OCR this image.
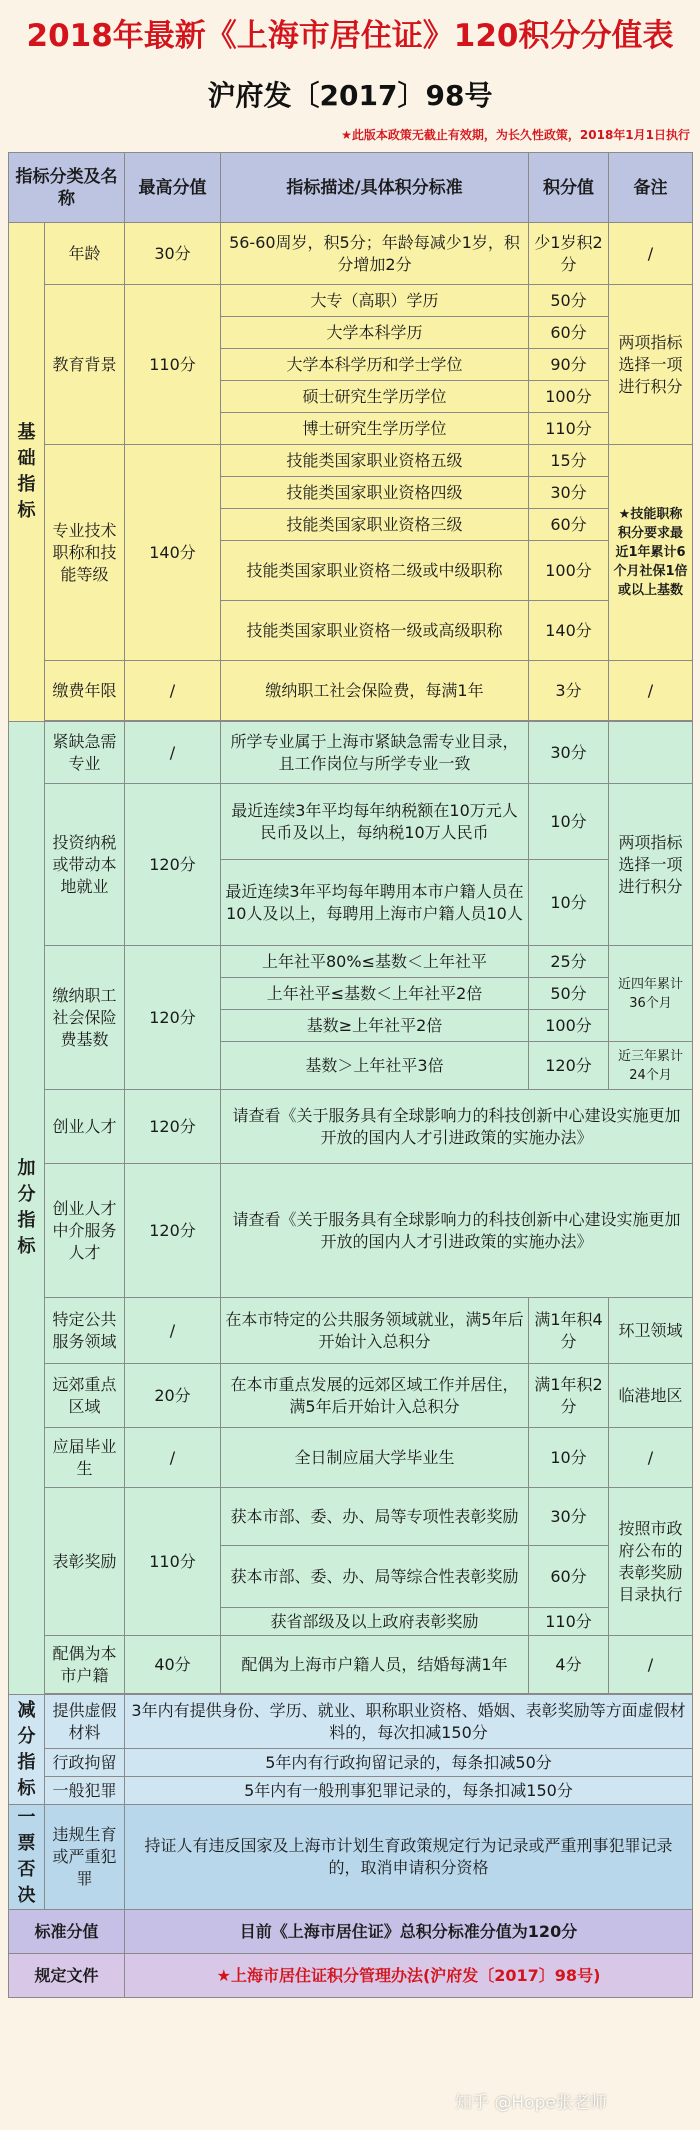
2018年最新《上海市居住证》120积分分值表
沪府发〔2017〕98号
★此版本政策无截止有效期，为长久性政策，2018年1月1日执行
指标分类及名称		最高分值	指标描述/具体积分标准	积分值	备注
基础指标	年龄	30分	56-60周岁，积5分；年龄每减少1岁，积分增加2分	少1岁积2分	/
	教育背景	110分	大专（高职）学历	50分	两项指标选择一项进行积分
			大学本科学历	60分	
			大学本科学历和学士学位	90分	
			硕士研究生学历学位	100分	
			博士研究生学历学位	110分	
	专业技术职称和技能等级	140分	技能类国家职业资格五级	15分	★技能职称积分要求最近1年累计6个月社保1倍或以上基数
			技能类国家职业资格四级	30分	
			技能类国家职业资格三级	60分	
			技能类国家职业资格二级或中级职称	100分	
			技能类国家职业资格一级或高级职称	140分	
	缴费年限	/	缴纳职工社会保险费，每满1年	3分	/

加分指标	紧缺急需专业	/	所学专业属于上海市紧缺急需专业目录，且工作岗位与所学专业一致	30分	
	投资纳税或带动本地就业	120分	最近连续3年平均每年纳税额在10万元人民币及以上，每纳税10万人民币	10分	两项指标选择一项进行积分
			最近连续3年平均每年聘用本市户籍人员在10人及以上，每聘用上海市户籍人员10人	10分	
	缴纳职工社会保险费基数	120分	上年社平80%≤基数＜上年社平	25分	近四年累计36个月
			上年社平≤基数＜上年社平2倍	50分	
			基数≥上年社平2倍	100分	
			基数＞上年社平3倍	120分	近三年累计24个月
	创业人才	120分	请查看《关于服务具有全球影响力的科技创新中心建设实施更加开放的国内人才引进政策的实施办法》		
	创业人才中介服务人才	120分	请查看《关于服务具有全球影响力的科技创新中心建设实施更加开放的国内人才引进政策的实施办法》		
	特定公共服务领域	/	在本市特定的公共服务领域就业，满5年后开始计入总积分	满1年积4分	环卫领域
	远郊重点区域	20分	在本市重点发展的远郊区域工作并居住，满5年后开始计入总积分	满1年积2分	临港地区
	应届毕业生	/	全日制应届大学毕业生	10分	/
	表彰奖励	110分	获本市部、委、办、局等专项性表彰奖励	30分	按照市政府公布的表彰奖励目录执行
			获本市部、委、办、局等综合性表彰奖励	60分	
			获省部级及以上政府表彰奖励	110分	
	配偶为本市户籍	40分	配偶为上海市户籍人员，结婚每满1年	4分	/

减分指标	提供虚假材料	3年内有提供身份、学历、就业、职称职业资格、婚姻、表彰奖励等方面虚假材料的，每次扣减150分			
	行政拘留	5年内有行政拘留记录的，每条扣减50分			
	一般犯罪	5年内有一般刑事犯罪记录的，每条扣减150分			
一票否决	违规生育或严重犯罪	持证人有违反国家及上海市计划生育政策规定行为记录或严重刑事犯罪记录的，取消申请积分资格			
标准分值		目前《上海市居住证》总积分标准分值为120分			
规定文件		★上海市居住证积分管理办法(沪府发〔2017〕98号)			
知乎 @Hope张老师
